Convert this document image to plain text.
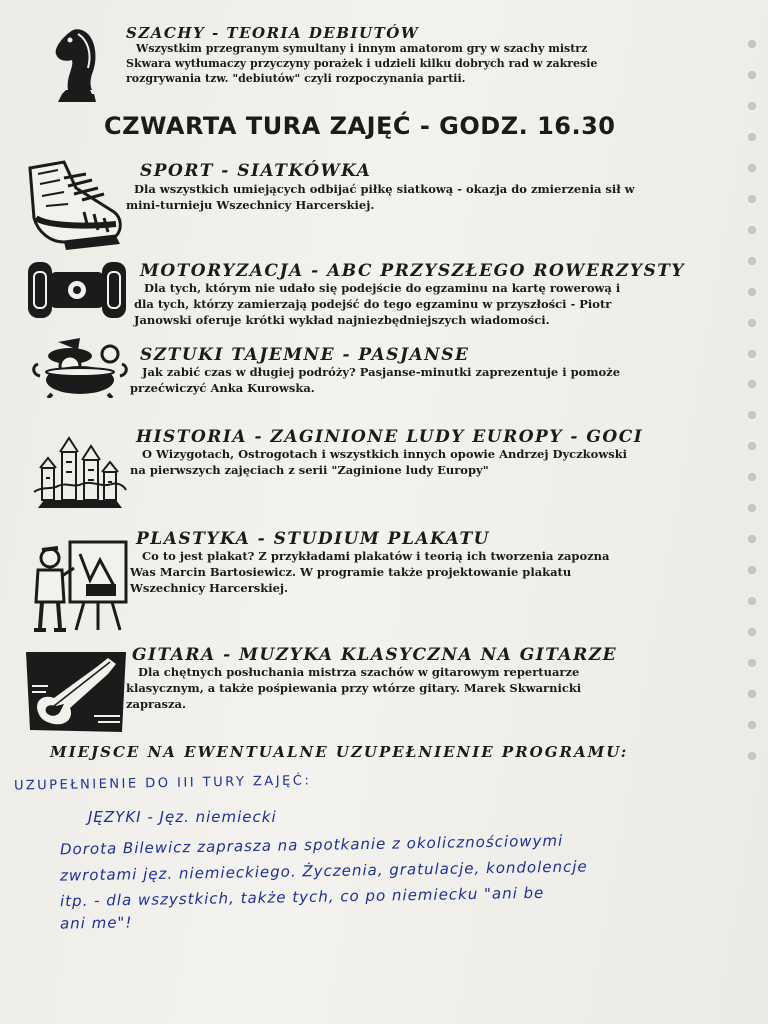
SZACHY - TEORIA DEBIUTÓW
Wszystkim przegranym symultany i innym amatorom gry w szachy mistrz
Skwara wytłumaczy przyczyny porażek i udzieli kilku dobrych rad w zakresie
rozgrywania tzw. "debiutów" czyli rozpoczynania partii.
CZWARTA TURA ZAJĘĆ - GODZ. 16.30
SPORT - SIATKÓWKA
Dla wszystkich umiejących odbijać piłkę siatkową - okazja do zmierzenia sił w
mini-turnieju Wszechnicy Harcerskiej.
MOTORYZACJA - ABC PRZYSZŁEGO ROWERZYSTY
Dla tych, którym nie udało się podejście do egzaminu na kartę rowerową i
dla tych, którzy zamierzają podejść do tego egzaminu w przyszłości - Piotr
Janowski oferuje krótki wykład najniezbędniejszych wiadomości.
SZTUKI TAJEMNE - PASJANSE
Jak zabić czas w długiej podróży? Pasjanse-minutki zaprezentuje i pomoże
przećwiczyć Anka Kurowska.
HISTORIA - ZAGINIONE LUDY EUROPY - GOCI
O Wizygotach, Ostrogotach i wszystkich innych opowie Andrzej Dyczkowski
na pierwszych zajęciach z serii "Zaginione ludy Europy"
PLASTYKA - STUDIUM PLAKATU
Co to jest plakat? Z przykładami plakatów i teorią ich tworzenia zapozna
Was Marcin Bartosiewicz. W programie także projektowanie plakatu
Wszechnicy Harcerskiej.
GITARA - MUZYKA KLASYCZNA NA GITARZE
Dla chętnych posłuchania mistrza szachów w gitarowym repertuarze
klasycznym, a także pośpiewania przy wtórze gitary. Marek Skwarnicki
zaprasza.
MIEJSCE NA EWENTUALNE UZUPEŁNIENIE PROGRAMU:
UZUPEŁNIENIE DO III TURY ZAJĘĆ:
JĘZYKI - Jęz. niemiecki
Dorota Bilewicz zaprasza na spotkanie z okolicznościowymi
zwrotami jęz. niemieckiego. Życzenia, gratulacje, kondolencje
itp. - dla wszystkich, także tych, co po niemiecku "ani be
ani me"!
